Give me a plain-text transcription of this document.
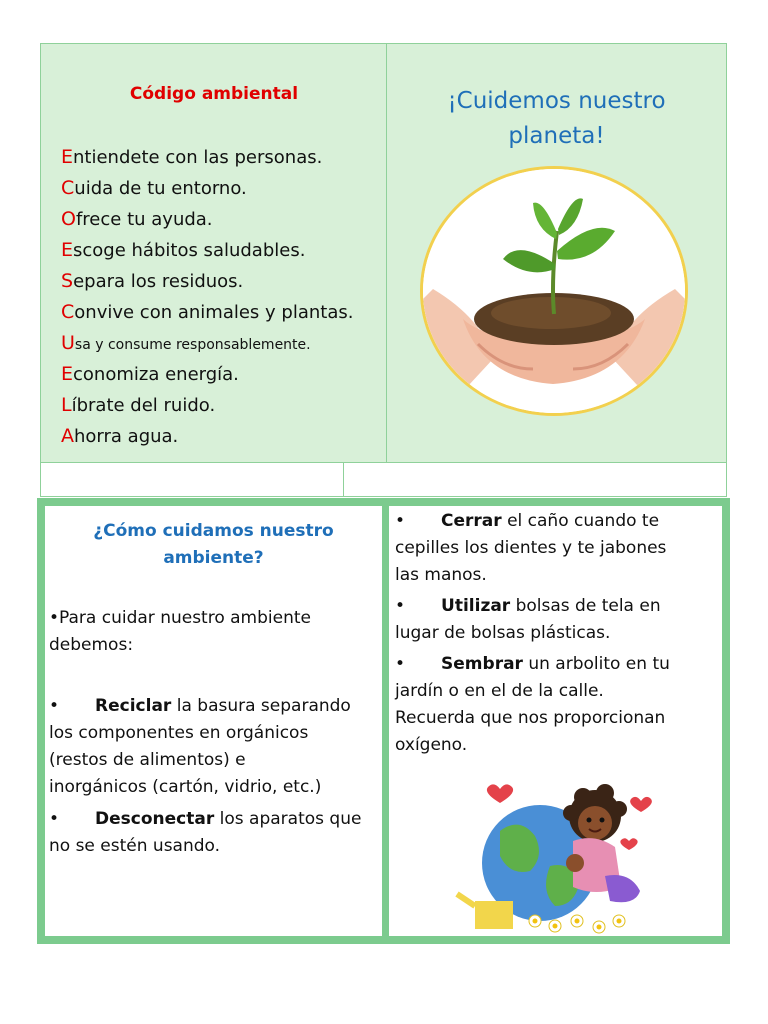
Código ambiental
Entiendete con las personas.
Cuida de tu entorno.
Ofrece tu ayuda.
Escoge hábitos saludables.
Separa los residuos.
Convive con animales y plantas.
Usa y consume responsablemente.
Economiza energía.
Líbrate del ruido.
Ahorra agua.
¡Cuidemos nuestro
planeta!
¿Cómo cuidamos nuestro
ambiente?
•Para cuidar nuestro ambiente
debemos:
• Reciclar la basura separando
los componentes en orgánicos
(restos de alimentos) e
inorgánicos (cartón, vidrio, etc.)
• Desconectar los aparatos que
no se estén usando.
• Cerrar el caño cuando te
cepilles los dientes y te jabones
las manos.
• Utilizar bolsas de tela en
lugar de bolsas plásticas.
• Sembrar un arbolito en tu
jardín o en el de la calle.
Recuerda que nos proporcionan
oxígeno.
